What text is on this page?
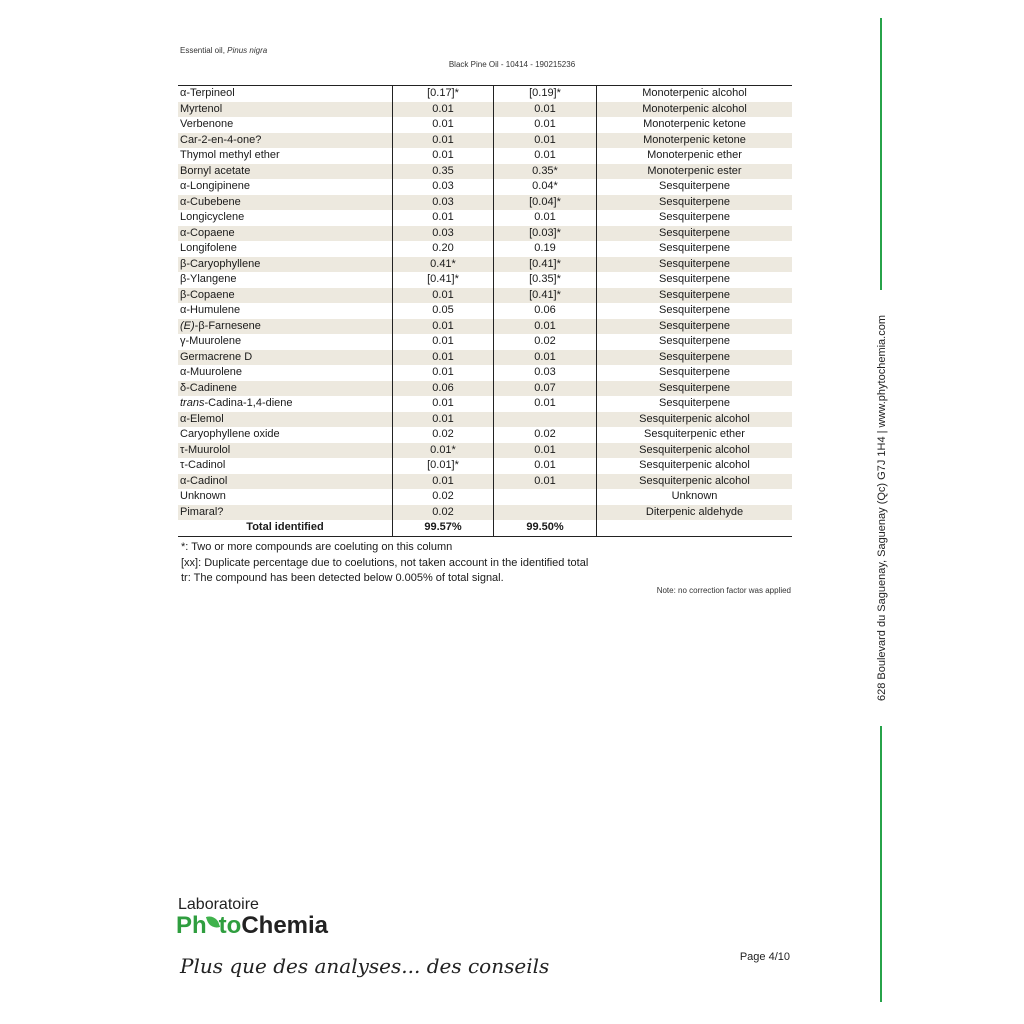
Essential oil, Pinus nigra
Black Pine Oil - 10414 - 190215236
α-Terpineol	[0.17]*	[0.19]*	Monoterpenic alcohol
Myrtenol	0.01	0.01	Monoterpenic alcohol
Verbenone	0.01	0.01	Monoterpenic ketone
Car-2-en-4-one?	0.01	0.01	Monoterpenic ketone
Thymol methyl ether	0.01	0.01	Monoterpenic ether
Bornyl acetate	0.35	0.35*	Monoterpenic ester
α-Longipinene	0.03	0.04*	Sesquiterpene
α-Cubebene	0.03	[0.04]*	Sesquiterpene
Longicyclene	0.01	0.01	Sesquiterpene
α-Copaene	0.03	[0.03]*	Sesquiterpene
Longifolene	0.20	0.19	Sesquiterpene
β-Caryophyllene	0.41*	[0.41]*	Sesquiterpene
β-Ylangene	[0.41]*	[0.35]*	Sesquiterpene
β-Copaene	0.01	[0.41]*	Sesquiterpene
α-Humulene	0.05	0.06	Sesquiterpene
(E)-β-Farnesene	0.01	0.01	Sesquiterpene
γ-Muurolene	0.01	0.02	Sesquiterpene
Germacrene D	0.01	0.01	Sesquiterpene
α-Muurolene	0.01	0.03	Sesquiterpene
δ-Cadinene	0.06	0.07	Sesquiterpene
trans-Cadina-1,4-diene	0.01	0.01	Sesquiterpene
α-Elemol	0.01		Sesquiterpenic alcohol
Caryophyllene oxide	0.02	0.02	Sesquiterpenic ether
τ-Muurolol	0.01*	0.01	Sesquiterpenic alcohol
τ-Cadinol	[0.01]*	0.01	Sesquiterpenic alcohol
α-Cadinol	0.01	0.01	Sesquiterpenic alcohol
Unknown	0.02		Unknown
Pimaral?	0.02		Diterpenic aldehyde
Total identified	99.57%	99.50%	
*: Two or more compounds are coeluting on this column
[xx]: Duplicate percentage due to coelutions, not taken account in the identified total
tr: The compound has been detected below 0.005% of total signal.
Note: no correction factor was applied	628 Boulevard du Saguenay, Saguenay (Qc) G7J 1H4 | www.phytochemia.com
Laboratoire
Ph toChemia
Plus que des analyses... des conseils	Page 4/10
